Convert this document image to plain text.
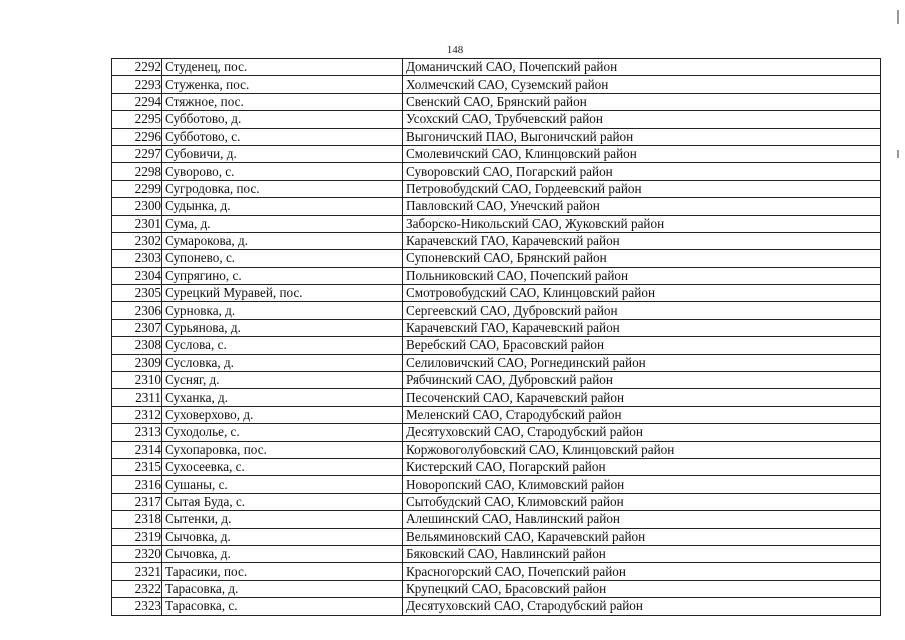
148
2292	Студенец, пос.	Доманичский САО, Почепский район
2293	Стуженка, пос.	Холмечский САО, Суземский район
2294	Стяжное, пос.	Свенский САО, Брянский район
2295	Субботово, д.	Усохский САО, Трубчевский район
2296	Субботово, с.	Выгоничский ПАО, Выгоничский район
2297	Субовичи, д.	Смолевичский САО, Клинцовский район
2298	Суворово, с.	Суворовский САО, Погарский район
2299	Сугродовка, пос.	Петровобудский САО, Гордеевский район
2300	Судынка, д.	Павловский САО, Унечский район
2301	Сума, д.	Заборско-Никольский САО, Жуковский район
2302	Сумарокова, д.	Карачевский ГАО, Карачевский район
2303	Супонево, с.	Супоневский САО, Брянский район
2304	Супрягино, с.	Польниковский САО, Почепский район
2305	Сурецкий Муравей, пос.	Смотровобудский САО, Клинцовский район
2306	Сурновка, д.	Сергеевский САО, Дубровский район
2307	Сурьянова, д.	Карачевский ГАО, Карачевский район
2308	Суслова, с.	Веребский САО, Брасовский район
2309	Сусловка, д.	Селиловичский САО, Рогнединский район
2310	Сусняг, д.	Рябчинский САО, Дубровский район
2311	Суханка, д.	Песоченский САО, Карачевский район
2312	Суховерхово, д.	Меленский САО, Стародубский район
2313	Суходолье, с.	Десятуховский САО, Стародубский район
2314	Сухопаровка, пос.	Коржовоголубовский САО, Клинцовский район
2315	Сухосеевка, с.	Кистерский САО, Погарский район
2316	Сушаны, с.	Новоропский САО, Климовский район
2317	Сытая Буда, с.	Сытобудский САО, Климовский район
2318	Сытенки, д.	Алешинский САО, Навлинский район
2319	Сычовка, д.	Вельяминовский САО, Карачевский район
2320	Сычовка, д.	Бяковский САО, Навлинский район
2321	Тарасики, пос.	Красногорский САО, Почепский район
2322	Тарасовка, д.	Крупецкий САО, Брасовский район
2323	Тарасовка, с.	Десятуховский САО, Стародубский район
